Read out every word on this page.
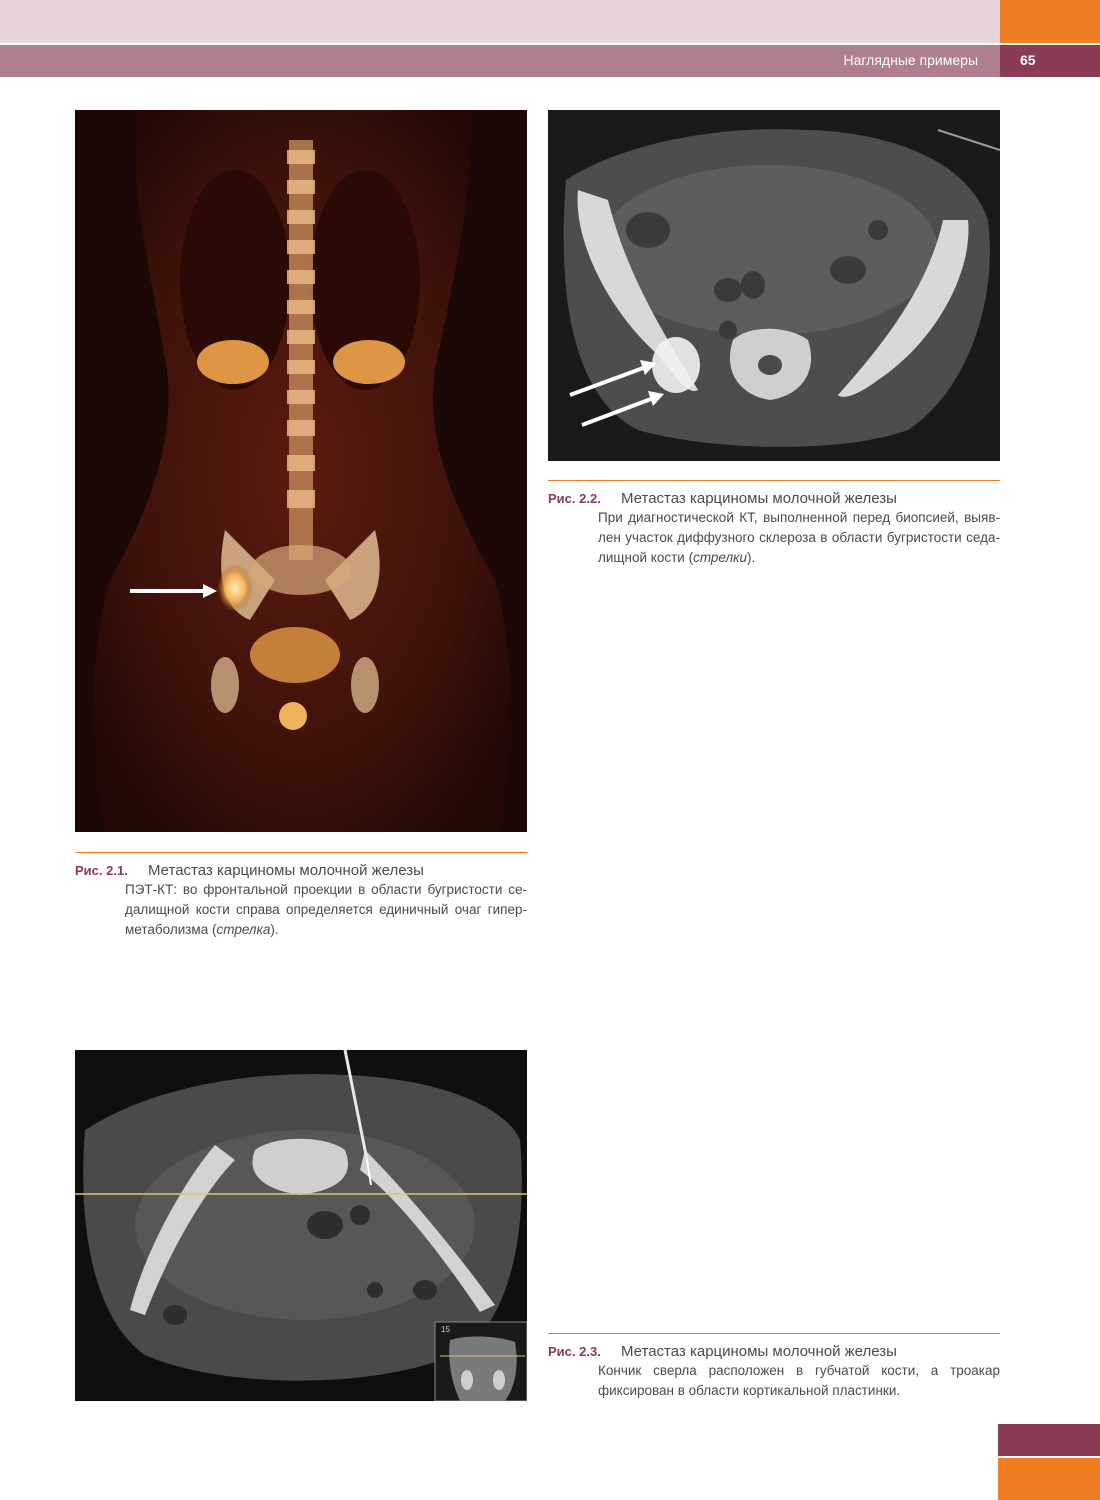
Наглядные примеры	65
15
Рис. 2.1. Метастаз карциномы молочной железы
ПЭТ-КТ: во фронтальной проекции в области бугристости седалищной кости справа определяется единичный очаг гиперметаболизма (стрелка).
Рис. 2.2. Метастаз карциномы молочной железы
При диагностической КТ, выполненной перед биопсией, выявлен участок диффузного склероза в области бугристости седалищной кости (стрелки).
Рис. 2.3. Метастаз карциномы молочной железы
Кончик сверла расположен в губчатой кости, а троакар фиксирован в области кортикальной пластинки.
